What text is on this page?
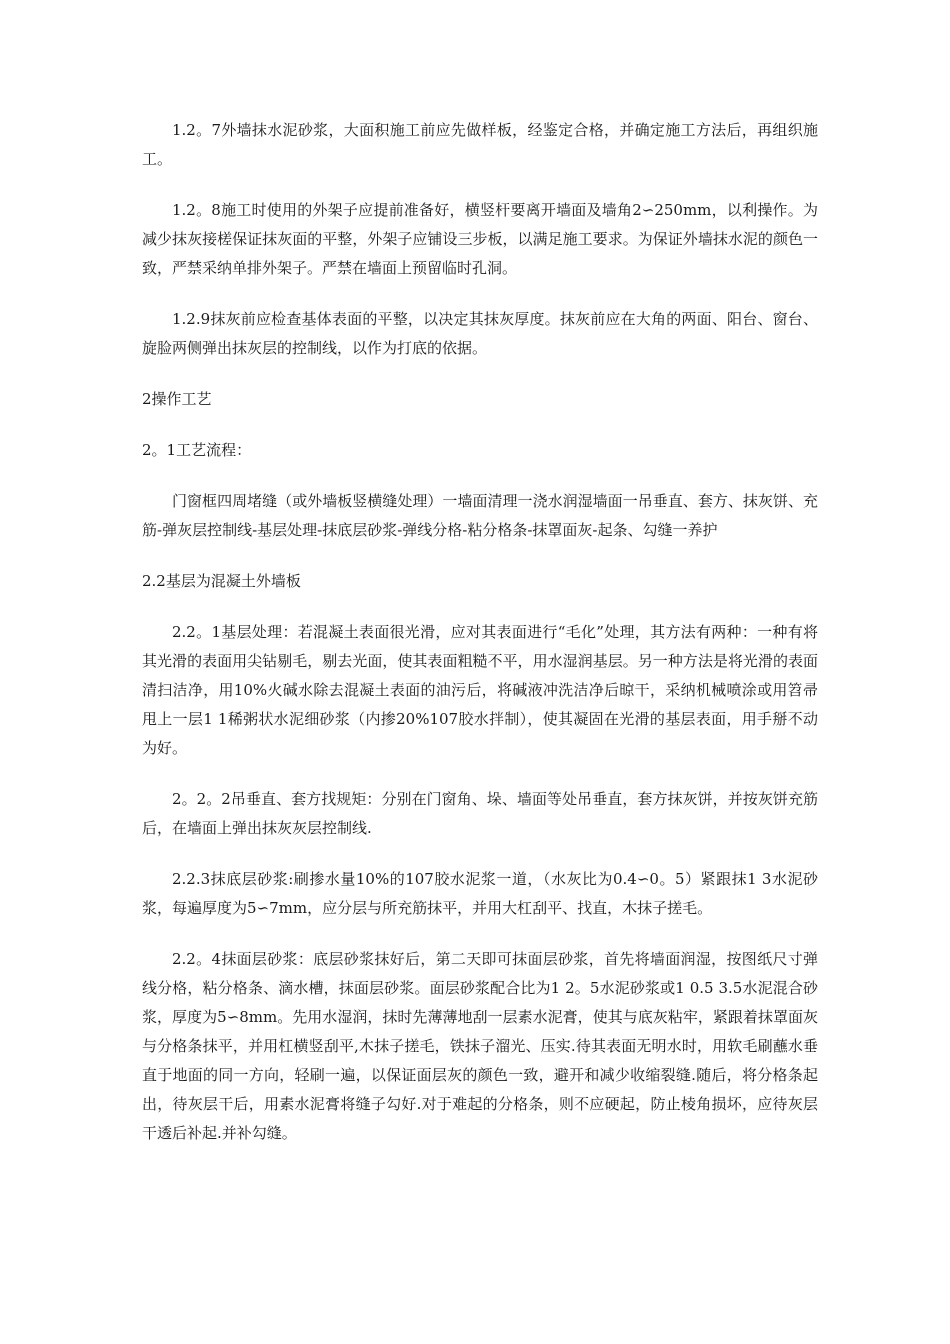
1.2。7外墙抹水泥砂浆，大面积施工前应先做样板，经鉴定合格，并确定施工方法后，再组织施工。

1.2。8施工时使用的外架子应提前准备好，横竖杆要离开墙面及墙角2∽250mm，以利操作。为减少抹灰接槎保证抹灰面的平整，外架子应铺设三步板，以满足施工要求。为保证外墙抹水泥的颜色一致，严禁采纳单排外架子。严禁在墙面上预留临时孔洞。

1.2.9抹灰前应检查基体表面的平整，以决定其抹灰厚度。抹灰前应在大角的两面、阳台、窗台、旋脸两侧弹出抹灰层的控制线，以作为打底的依据。

2操作工艺

2。1工艺流程：

门窗框四周堵缝（或外墙板竖横缝处理）一墙面清理一浇水润湿墙面一吊垂直、套方、抹灰饼、充筋-弹灰层控制线-基层处理-抹底层砂浆-弹线分格-粘分格条-抹罩面灰-起条、勾缝一养护

2.2基层为混凝土外墙板

2.2。1基层处理：若混凝土表面很光滑，应对其表面进行“毛化”处理，其方法有两种：一种有将其光滑的表面用尖钻剔毛，剔去光面，使其表面粗糙不平，用水湿润基层。另一种方法是将光滑的表面清扫洁净，用10%火碱水除去混凝土表面的油污后，将碱液冲洗洁净后晾干，采纳机械喷涂或用笤帚甩上一层1 1稀粥状水泥细砂浆（内掺20%107胶水拌制），使其凝固在光滑的基层表面，用手掰不动为好。

2。2。2吊垂直、套方找规矩：分别在门窗角、垛、墙面等处吊垂直，套方抹灰饼，并按灰饼充筋后，在墙面上弹出抹灰灰层控制线.

2.2.3抹底层砂浆:刷掺水量10%的107胶水泥浆一道，（水灰比为0.4∽0。5）紧跟抹1 3水泥砂浆，每遍厚度为5∽7mm，应分层与所充筋抹平，并用大杠刮平、找直，木抹子搓毛。

2.2。4抹面层砂浆：底层砂浆抹好后，第二天即可抹面层砂浆，首先将墙面润湿，按图纸尺寸弹线分格，粘分格条、滴水槽，抹面层砂浆。面层砂浆配合比为1 2。5水泥砂浆或1 0.5 3.5水泥混合砂浆，厚度为5∽8mm。先用水湿润，抹时先薄薄地刮一层素水泥膏，使其与底灰粘牢，紧跟着抹罩面灰与分格条抹平，并用杠横竖刮平,木抹子搓毛，铁抹子溜光、压实.待其表面无明水时，用软毛刷蘸水垂直于地面的同一方向，轻刷一遍，以保证面层灰的颜色一致，避开和减少收缩裂缝.随后，将分格条起出，待灰层干后，用素水泥膏将缝子勾好.对于难起的分格条，则不应硬起，防止棱角损坏，应待灰层干透后补起.并补勾缝。
